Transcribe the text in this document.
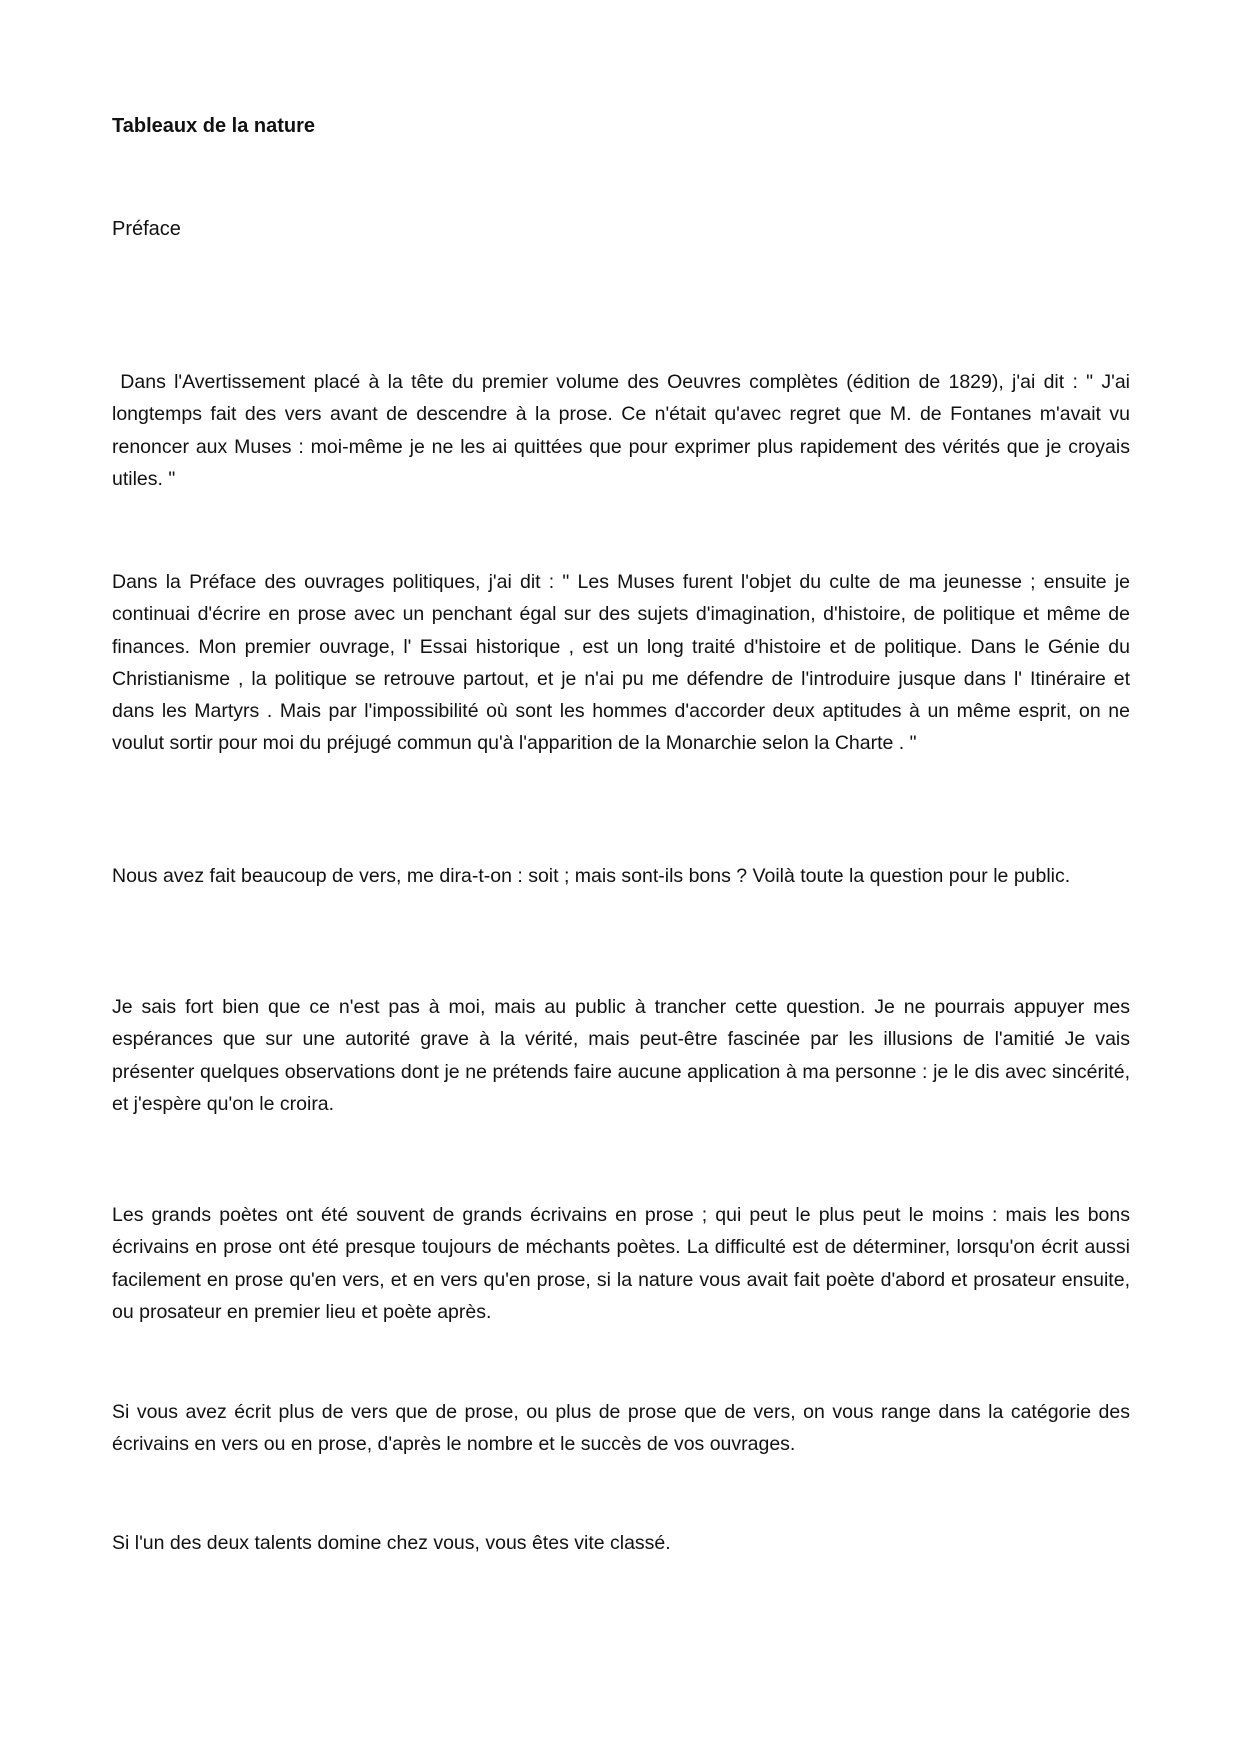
Tableaux de la nature

Préface

Dans l'Avertissement placé à la tête du premier volume des Oeuvres complètes (édition de 1829), j'ai dit : " J'ai longtemps fait des vers avant de descendre à la prose. Ce n'était qu'avec regret que M. de Fontanes m'avait vu renoncer aux Muses : moi-même je ne les ai quittées que pour exprimer plus rapidement des vérités que je croyais utiles. "

Dans la Préface des ouvrages politiques, j'ai dit : " Les Muses furent l'objet du culte de ma jeunesse ; ensuite je continuai d'écrire en prose avec un penchant égal sur des sujets d'imagination, d'histoire, de politique et même de finances. Mon premier ouvrage, l' Essai historique , est un long traité d'histoire et de politique. Dans le Génie du Christianisme , la politique se retrouve partout, et je n'ai pu me défendre de l'introduire jusque dans l' Itinéraire et dans les Martyrs . Mais par l'impossibilité où sont les hommes d'accorder deux aptitudes à un même esprit, on ne voulut sortir pour moi du préjugé commun qu'à l'apparition de la Monarchie selon la Charte . "

Nous avez fait beaucoup de vers, me dira-t-on : soit ; mais sont-ils bons ? Voilà toute la question pour le public.

Je sais fort bien que ce n'est pas à moi, mais au public à trancher cette question. Je ne pourrais appuyer mes espérances que sur une autorité grave à la vérité, mais peut-être fascinée par les illusions de l'amitié Je vais présenter quelques observations dont je ne prétends faire aucune application à ma personne : je le dis avec sincérité, et j'espère qu'on le croira.

Les grands poètes ont été souvent de grands écrivains en prose ; qui peut le plus peut le moins : mais les bons écrivains en prose ont été presque toujours de méchants poètes. La difficulté est de déterminer, lorsqu'on écrit aussi facilement en prose qu'en vers, et en vers qu'en prose, si la nature vous avait fait poète d'abord et prosateur ensuite, ou prosateur en premier lieu et poète après.

Si vous avez écrit plus de vers que de prose, ou plus de prose que de vers, on vous range dans la catégorie des écrivains en vers ou en prose, d'après le nombre et le succès de vos ouvrages.

Si l'un des deux talents domine chez vous, vous êtes vite classé.
